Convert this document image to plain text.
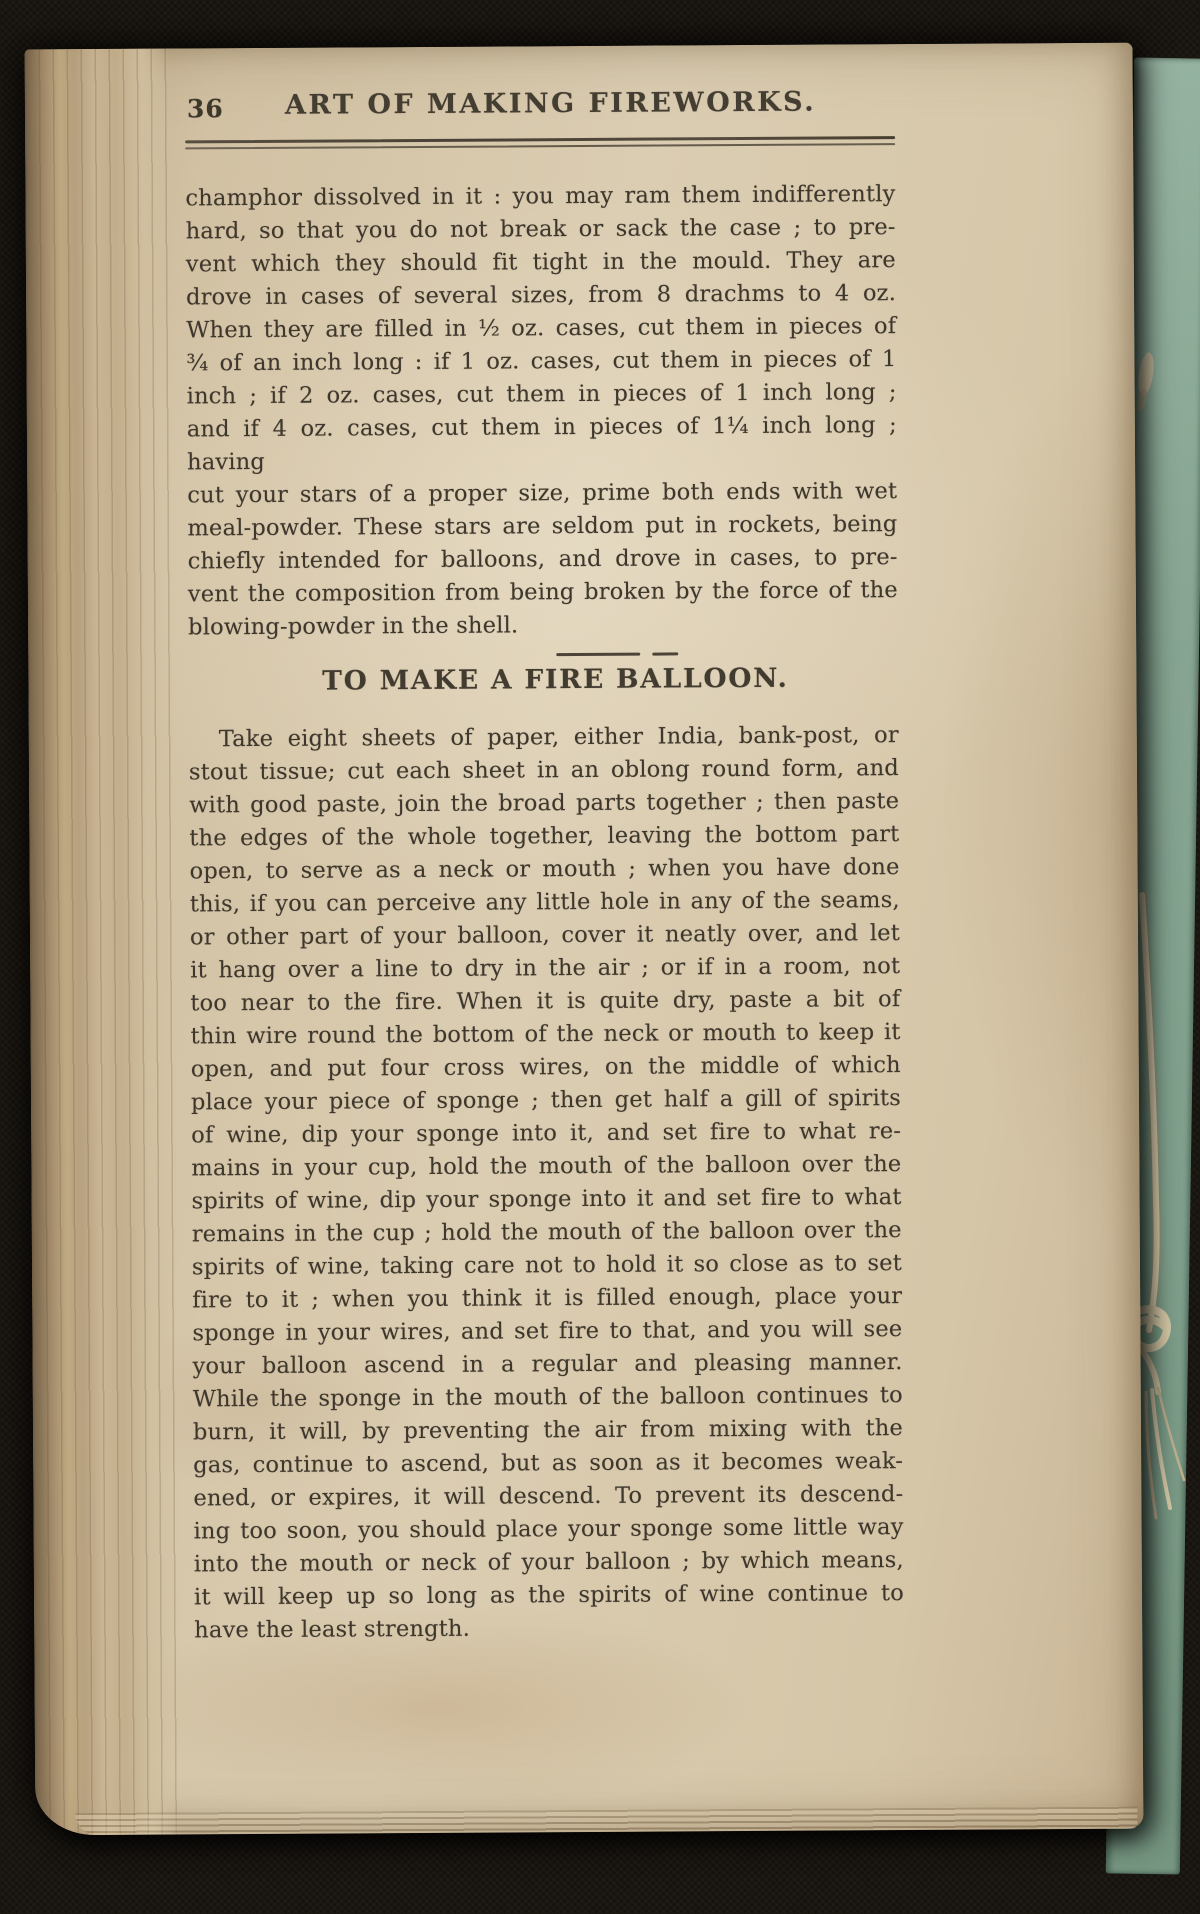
36 ART OF MAKING FIREWORKS.
champhor dissolved in it : you may ram them indifferently
hard, so that you do not break or sack the case ; to pre-
vent which they should fit tight in the mould. They are
drove in cases of several sizes, from 8 drachms to 4 oz.
When they are filled in ½ oz. cases, cut them in pieces of
¾ of an inch long : if 1 oz. cases, cut them in pieces of 1
inch ; if 2 oz. cases, cut them in pieces of 1 inch long ;
and if 4 oz. cases, cut them in pieces of 1¼ inch long ; having
cut your stars of a proper size, prime both ends with wet
meal-powder. These stars are seldom put in rockets, being
chiefly intended for balloons, and drove in cases, to pre-
vent the composition from being broken by the force of the
blowing-powder in the shell.
TO MAKE A FIRE BALLOON.
Take eight sheets of paper, either India, bank-post, or
stout tissue; cut each sheet in an oblong round form, and
with good paste, join the broad parts together ; then paste
the edges of the whole together, leaving the bottom part
open, to serve as a neck or mouth ; when you have done
this, if you can perceive any little hole in any of the seams,
or other part of your balloon, cover it neatly over, and let
it hang over a line to dry in the air ; or if in a room, not
too near to the fire. When it is quite dry, paste a bit of
thin wire round the bottom of the neck or mouth to keep it
open, and put four cross wires, on the middle of which
place your piece of sponge ; then get half a gill of spirits
of wine, dip your sponge into it, and set fire to what re-
mains in your cup, hold the mouth of the balloon over the
spirits of wine, dip your sponge into it and set fire to what
remains in the cup ; hold the mouth of the balloon over the
spirits of wine, taking care not to hold it so close as to set
fire to it ; when you think it is filled enough, place your
sponge in your wires, and set fire to that, and you will see
your balloon ascend in a regular and pleasing manner.
While the sponge in the mouth of the balloon continues to
burn, it will, by preventing the air from mixing with the
gas, continue to ascend, but as soon as it becomes weak-
ened, or expires, it will descend. To prevent its descend-
ing too soon, you should place your sponge some little way
into the mouth or neck of your balloon ; by which means,
it will keep up so long as the spirits of wine continue to
have the least strength.
